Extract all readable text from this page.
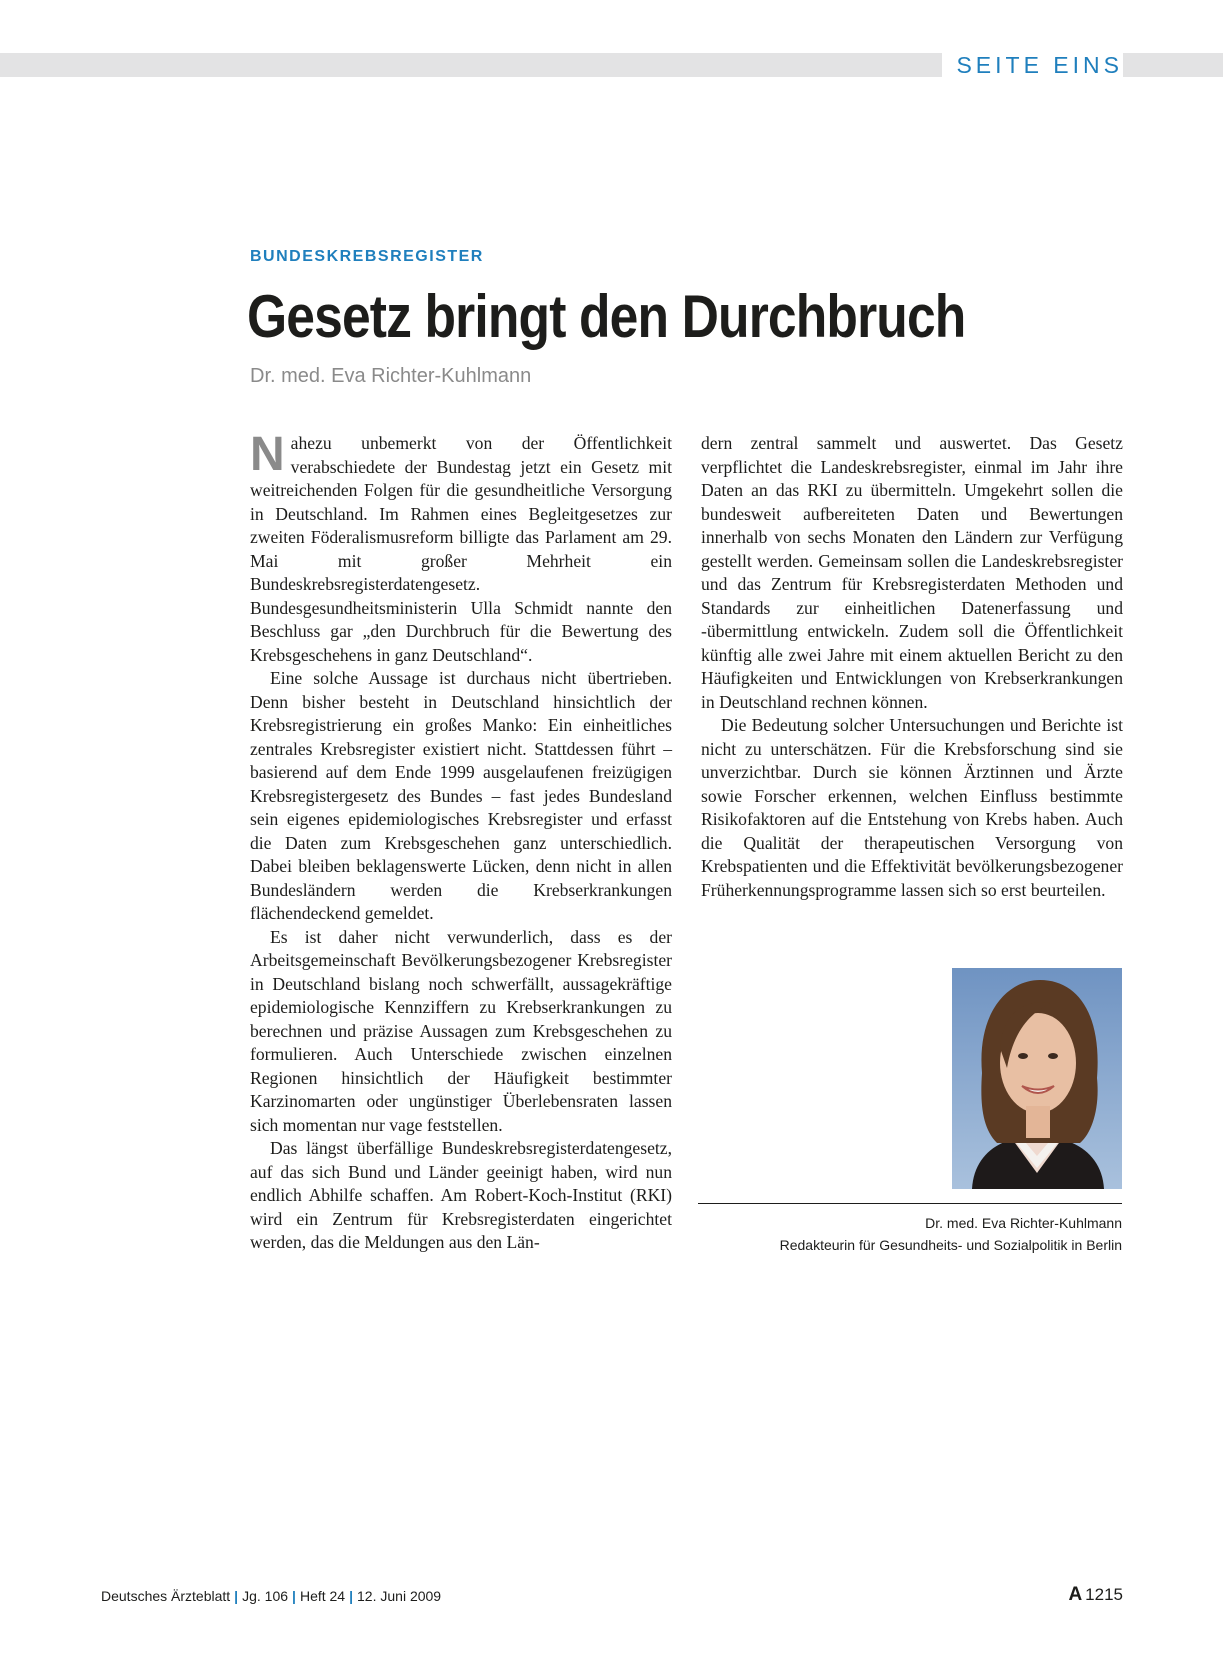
SEITE EINS
BUNDESKREBSREGISTER
Gesetz bringt den Durchbruch
Dr. med. Eva Richter-Kuhlmann

Nahezu unbemerkt von der Öffentlichkeit verabschiedete der Bundestag jetzt ein Gesetz mit weitreichenden Folgen für die gesundheitliche Versorgung in Deutschland. Im Rahmen eines Begleitgesetzes zur zweiten Föderalismusreform billigte das Parlament am 29. Mai mit großer Mehrheit ein Bundeskrebsregisterdatengesetz. Bundesgesundheitsministerin Ulla Schmidt nannte den Beschluss gar „den Durchbruch für die Bewertung des Krebsgeschehens in ganz Deutschland“.

Eine solche Aussage ist durchaus nicht übertrieben. Denn bisher besteht in Deutschland hinsichtlich der Krebsregistrierung ein großes Manko: Ein einheitliches zentrales Krebsregister existiert nicht. Stattdessen führt – basierend auf dem Ende 1999 ausgelaufenen freizügigen Krebsregistergesetz des Bundes – fast jedes Bundesland sein eigenes epidemiologisches Krebsregister und erfasst die Daten zum Krebsgeschehen ganz unterschiedlich. Dabei bleiben beklagenswerte Lücken, denn nicht in allen Bundesländern werden die Krebserkrankungen flächendeckend gemeldet.

Es ist daher nicht verwunderlich, dass es der Arbeitsgemeinschaft Bevölkerungsbezogener Krebsregister in Deutschland bislang noch schwerfällt, aussagekräftige epidemiologische Kennziffern zu Krebserkrankungen zu berechnen und präzise Aussagen zum Krebsgeschehen zu formulieren. Auch Unterschiede zwischen einzelnen Regionen hinsichtlich der Häufigkeit bestimmter Karzinomarten oder ungünstiger Überlebensraten lassen sich momentan nur vage feststellen.

Das längst überfällige Bundeskrebsregisterdatengesetz, auf das sich Bund und Länder geeinigt haben, wird nun endlich Abhilfe schaffen. Am Robert-Koch-Institut (RKI) wird ein Zentrum für Krebsregisterdaten eingerichtet werden, das die Meldungen aus den Län-

dern zentral sammelt und auswertet. Das Gesetz verpflichtet die Landeskrebsregister, einmal im Jahr ihre Daten an das RKI zu übermitteln. Umgekehrt sollen die bundesweit aufbereiteten Daten und Bewertungen innerhalb von sechs Monaten den Ländern zur Verfügung gestellt werden. Gemeinsam sollen die Landeskrebsregister und das Zentrum für Krebsregisterdaten Methoden und Standards zur einheitlichen Datenerfassung und -übermittlung entwickeln. Zudem soll die Öffentlichkeit künftig alle zwei Jahre mit einem aktuellen Bericht zu den Häufigkeiten und Entwicklungen von Krebserkrankungen in Deutschland rechnen können.

Die Bedeutung solcher Untersuchungen und Berichte ist nicht zu unterschätzen. Für die Krebsforschung sind sie unverzichtbar. Durch sie können Ärztinnen und Ärzte sowie Forscher erkennen, welchen Einfluss bestimmte Risikofaktoren auf die Entstehung von Krebs haben. Auch die Qualität der therapeutischen Versorgung von Krebspatienten und die Effektivität bevölkerungsbezogener Früherkennungsprogramme lassen sich so erst beurteilen.

Dr. med. Eva Richter-Kuhlmann
Redakteurin für Gesundheits- und Sozialpolitik in Berlin
Deutsches Ärzteblatt | Jg. 106 | Heft 24 | 12. Juni 2009	A 1215
